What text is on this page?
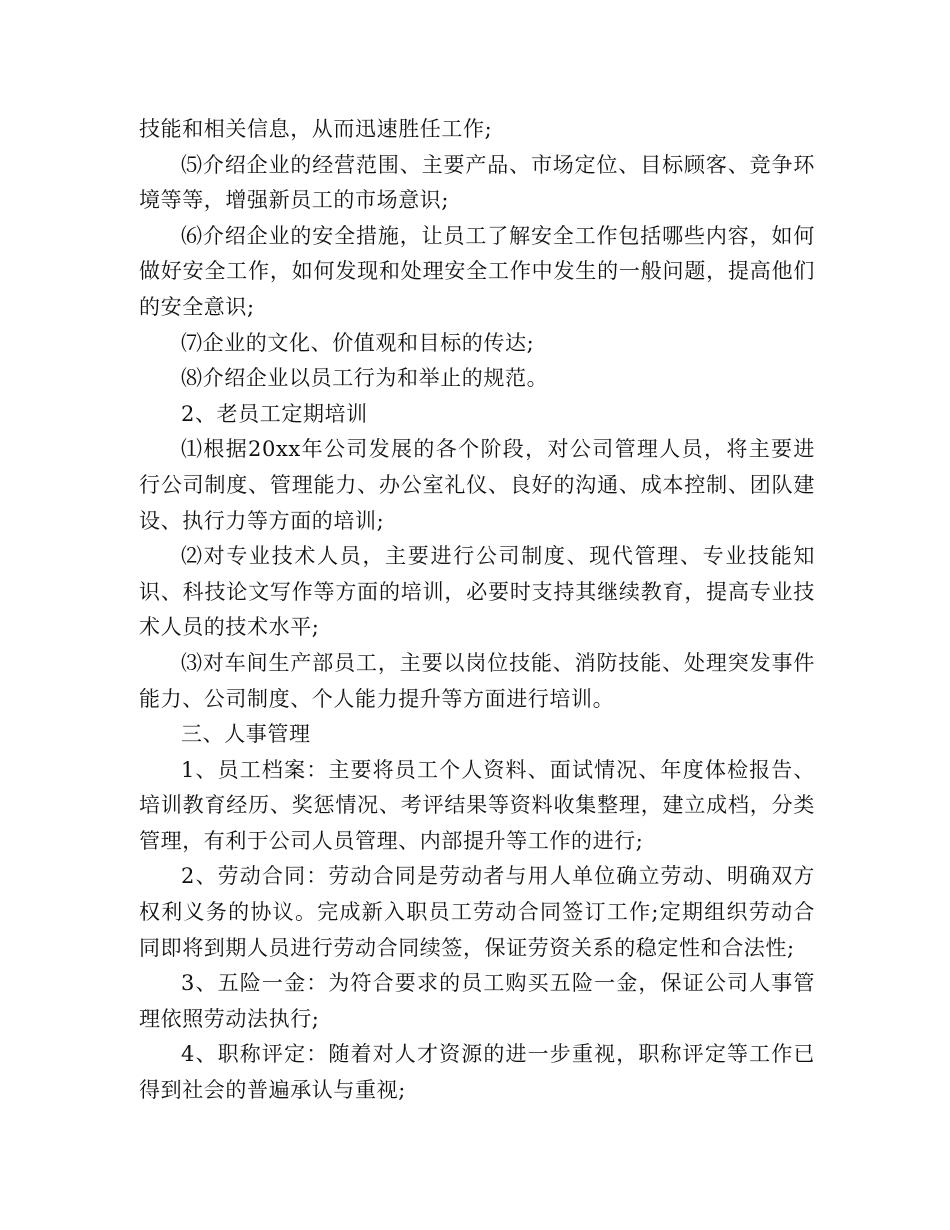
技能和相关信息，从而迅速胜任工作;

⑸介绍企业的经营范围、主要产品、市场定位、目标顾客、竞争环境等等，增强新员工的市场意识;

⑹介绍企业的安全措施，让员工了解安全工作包括哪些内容，如何做好安全工作，如何发现和处理安全工作中发生的一般问题，提高他们的安全意识;

⑺企业的文化、价值观和目标的传达;

⑻介绍企业以员工行为和举止的规范。

2、老员工定期培训

⑴根据20xx年公司发展的各个阶段，对公司管理人员，将主要进行公司制度、管理能力、办公室礼仪、良好的沟通、成本控制、团队建设、执行力等方面的培训;

⑵对专业技术人员，主要进行公司制度、现代管理、专业技能知识、科技论文写作等方面的培训，必要时支持其继续教育，提高专业技术人员的技术水平;

⑶对车间生产部员工，主要以岗位技能、消防技能、处理突发事件能力、公司制度、个人能力提升等方面进行培训。

三、人事管理

1、员工档案：主要将员工个人资料、面试情况、年度体检报告、培训教育经历、奖惩情况、考评结果等资料收集整理，建立成档，分类管理，有利于公司人员管理、内部提升等工作的进行;

2、劳动合同：劳动合同是劳动者与用人单位确立劳动、明确双方权利义务的协议。完成新入职员工劳动合同签订工作;定期组织劳动合同即将到期人员进行劳动合同续签，保证劳资关系的稳定性和合法性;

3、五险一金：为符合要求的员工购买五险一金，保证公司人事管理依照劳动法执行;

4、职称评定：随着对人才资源的进一步重视，职称评定等工作已得到社会的普遍承认与重视;
